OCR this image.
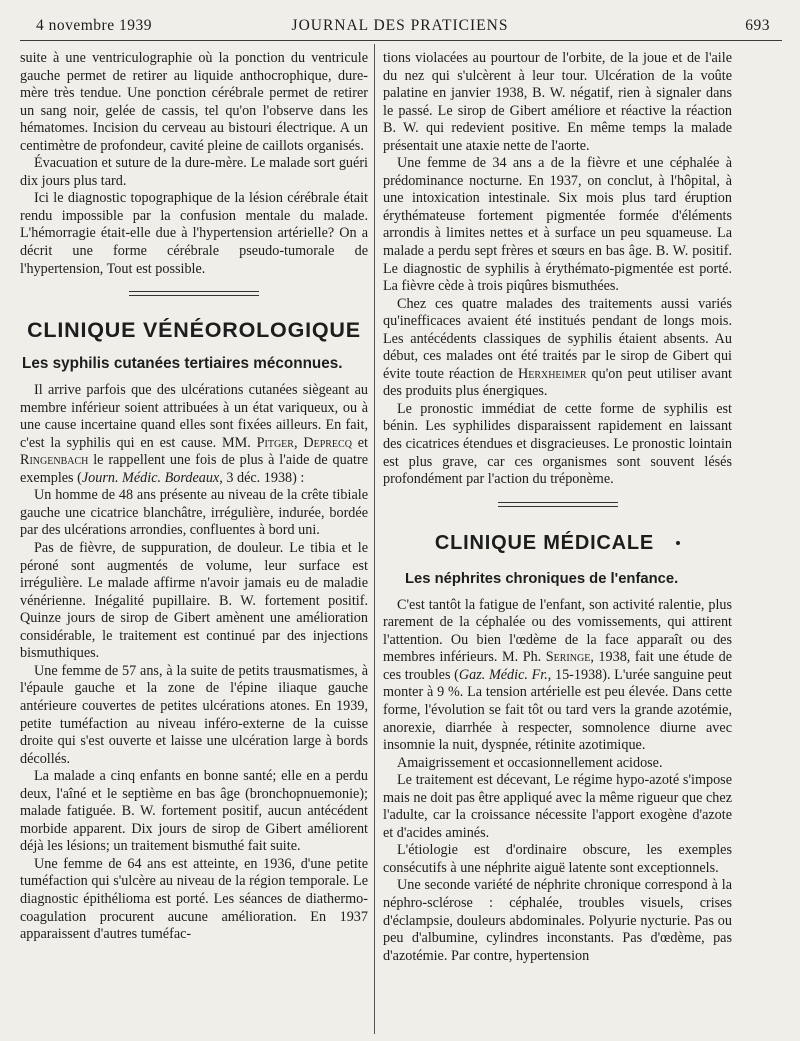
4 novembre 1939	JOURNAL DES PRATICIENS	693

suite à une ventriculographie où la ponction du ventricule gauche permet de retirer au liquide anthocrophique, dure-mère très tendue. Une ponction cérébrale permet de retirer un sang noir, gelée de cassis, tel qu'on l'observe dans les hématomes. Incision du cerveau au bistouri électrique. A un centimètre de profondeur, cavité pleine de caillots organisés.

Évacuation et suture de la dure-mère. Le malade sort guéri dix jours plus tard.

Ici le diagnostic topographique de la lésion cérébrale était rendu impossible par la confusion mentale du malade. L'hémorragie était-elle due à l'hypertension artérielle? On a décrit une forme cérébrale pseudo-tumorale de l'hypertension, Tout est possible.

CLINIQUE VÉNÉOROLOGIQUE
Les syphilis cutanées tertiaires méconnues.

Il arrive parfois que des ulcérations cutanées siègeant au membre inférieur soient attribuées à un état variqueux, ou à une cause incertaine quand elles sont fixées ailleurs. En fait, c'est la syphilis qui en est cause. MM. Pitger, Deprecq et Ringenbach le rappellent une fois de plus à l'aide de quatre exemples (Journ. Médic. Bordeaux, 3 déc. 1938) :

Un homme de 48 ans présente au niveau de la crête tibiale gauche une cicatrice blanchâtre, irrégulière, indurée, bordée par des ulcérations arrondies, confluentes à bord uni.

Pas de fièvre, de suppuration, de douleur. Le tibia et le péroné sont augmentés de volume, leur surface est irrégulière. Le malade affirme n'avoir jamais eu de maladie vénérienne. Inégalité pupillaire. B. W. fortement positif. Quinze jours de sirop de Gibert amènent une amélioration considérable, le traitement est continué par des injections bismuthiques.

Une femme de 57 ans, à la suite de petits trausmatismes, à l'épaule gauche et la zone de l'épine iliaque gauche antérieure couvertes de petites ulcérations atones. En 1939, petite tuméfaction au niveau inféro-externe de la cuisse droite qui s'est ouverte et laisse une ulcération large à bords décollés.

La malade a cinq enfants en bonne santé; elle en a perdu deux, l'aîné et le septième en bas âge (bronchopnuemonie); malade fatiguée. B. W. fortement positif, aucun antécédent morbide apparent. Dix jours de sirop de Gibert améliorent déjà les lésions; un traitement bismuthé fait suite.

Une femme de 64 ans est atteinte, en 1936, d'une petite tuméfaction qui s'ulcère au niveau de la région temporale. Le diagnostic épithélioma est porté. Les séances de diathermo-coagulation procurent aucune amélioration. En 1937 apparaissent d'autres tuméfac-

tions violacées au pourtour de l'orbite, de la joue et de l'aile du nez qui s'ulcèrent à leur tour. Ulcération de la voûte palatine en janvier 1938, B. W. négatif, rien à signaler dans le passé. Le sirop de Gibert améliore et réactive la réaction B. W. qui redevient positive. En même temps la malade présentait une ataxie nette de l'aorte.

Une femme de 34 ans a de la fièvre et une céphalée à prédominance nocturne. En 1937, on conclut, à l'hôpital, à une intoxication intestinale. Six mois plus tard éruption érythémateuse fortement pigmentée formée d'éléments arrondis à limites nettes et à surface un peu squameuse. La malade a perdu sept frères et sœurs en bas âge. B. W. positif. Le diagnostic de syphilis à érythémato-pigmentée est porté. La fièvre cède à trois piqûres bismuthées.

Chez ces quatre malades des traitements aussi variés qu'inefficaces avaient été institués pendant de longs mois. Les antécédents classiques de syphilis étaient absents. Au début, ces malades ont été traités par le sirop de Gibert qui évite toute réaction de Herxheimer qu'on peut utiliser avant des produits plus énergiques.

Le pronostic immédiat de cette forme de syphilis est bénin. Les syphilides disparaissent rapidement en laissant des cicatrices étendues et disgracieuses. Le pronostic lointain est plus grave, car ces organismes sont souvent lésés profondément par l'action du tréponème.

CLINIQUE MÉDICALE
Les néphrites chroniques de l'enfance.

C'est tantôt la fatigue de l'enfant, son activité ralentie, plus rarement de la céphalée ou des vomissements, qui attirent l'attention. Ou bien l'œdème de la face apparaît ou des membres inférieurs. M. Ph. Seringe, 1938, fait une étude de ces troubles (Gaz. Médic. Fr., 15-1938). L'urée sanguine peut monter à 9 %. La tension artérielle est peu élevée. Dans cette forme, l'évolution se fait tôt ou tard vers la grande azotémie, anorexie, diarrhée à respecter, somnolence diurne avec insomnie la nuit, dyspnée, rétinite azotimique.

Amaigrissement et occasionnellement acidose.

Le traitement est décevant, Le régime hypo-azoté s'impose mais ne doit pas être appliqué avec la même rigueur que chez l'adulte, car la croissance nécessite l'apport exogène d'azote et d'acides aminés.

L'étiologie est d'ordinaire obscure, les exemples consécutifs à une néphrite aiguë latente sont exceptionnels.

Une seconde variété de néphrite chronique correspond à la néphro-sclérose : céphalée, troubles visuels, crises d'éclampsie, douleurs abdominales. Polyurie nycturie. Pas ou peu d'albumine, cylindres inconstants. Pas d'œdème, pas d'azotémie. Par contre, hypertension
